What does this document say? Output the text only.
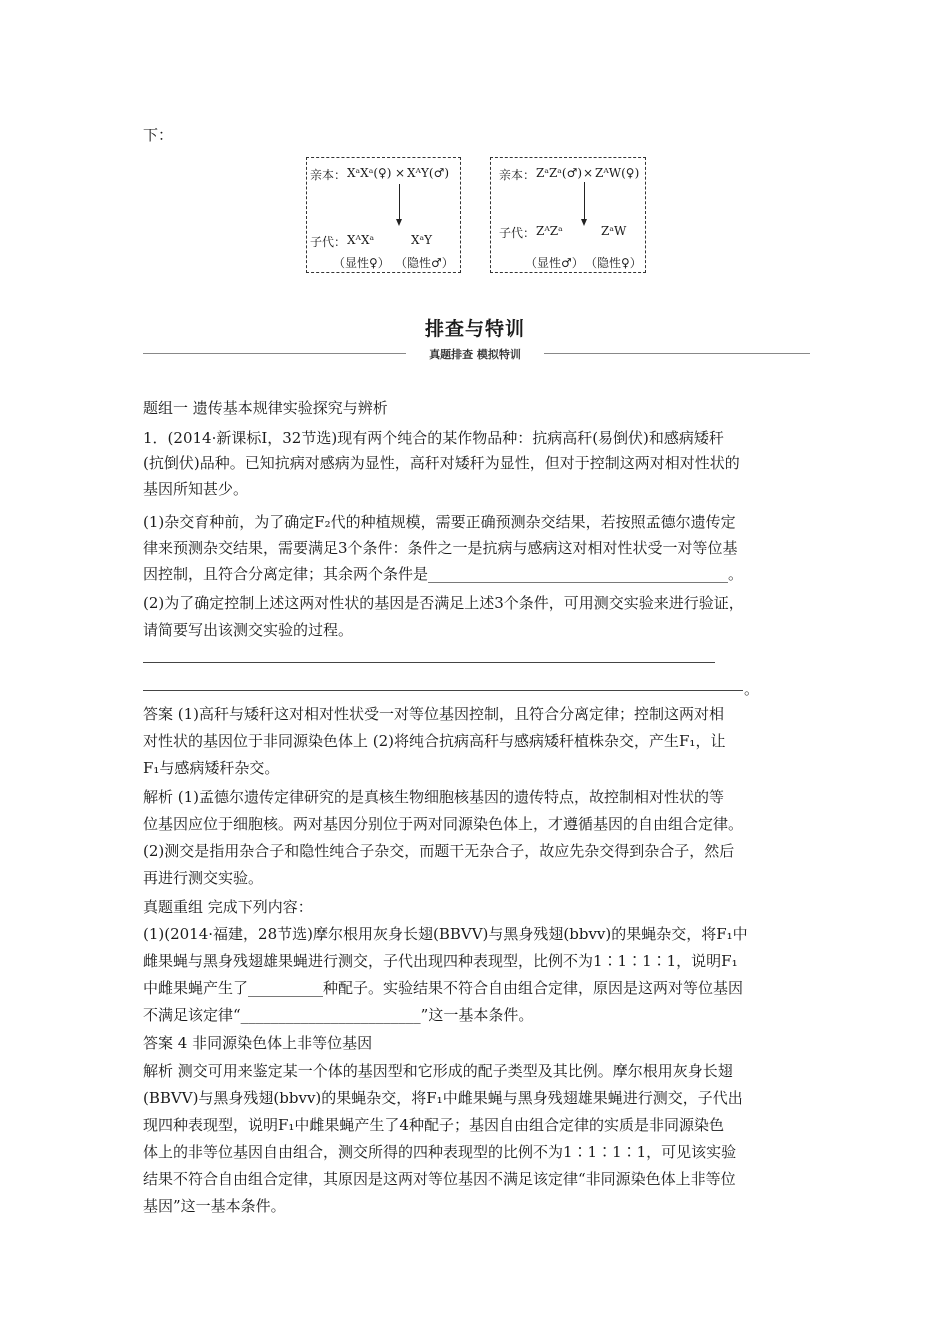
下：
亲本： XᵃXᵃ(♀) × XᴬY(♂)
子代： XᴬXᵃ	XᵃY
（显性♀） （隐性♂）
亲本： ZᵃZᵃ(♂) × ZᴬW(♀)
子代： ZᴬZᵃ	ZᵃW
（显性♂） （隐性♀）
排查与特训
真题排查 模拟特训
题组一 遗传基本规律实验探究与辨析
1．(2014·新课标Ⅰ，32节选)现有两个纯合的某作物品种：抗病高秆(易倒伏)和感病矮秆
(抗倒伏)品种。已知抗病对感病为显性，高秆对矮秆为显性，但对于控制这两对相对性状的
基因所知甚少。
(1)杂交育种前，为了确定F₂代的种植规模，需要正确预测杂交结果，若按照孟德尔遗传定
律来预测杂交结果，需要满足3个条件：条件之一是抗病与感病这对相对性状受一对等位基
因控制，且符合分离定律；其余两个条件是________________________________________。
(2)为了确定控制上述这两对性状的基因是否满足上述3个条件，可用测交实验来进行验证，
请简要写出该测交实验的过程。
。
答案 (1)高秆与矮秆这对相对性状受一对等位基因控制，且符合分离定律；控制这两对相
对性状的基因位于非同源染色体上 (2)将纯合抗病高秆与感病矮秆植株杂交，产生F₁，让
F₁与感病矮秆杂交。
解析 (1)孟德尔遗传定律研究的是真核生物细胞核基因的遗传特点，故控制相对性状的等
位基因应位于细胞核。两对基因分别位于两对同源染色体上，才遵循基因的自由组合定律。
(2)测交是指用杂合子和隐性纯合子杂交，而题干无杂合子，故应先杂交得到杂合子，然后
再进行测交实验。
真题重组 完成下列内容：
(1)(2014·福建，28节选)摩尔根用灰身长翅(BBVV)与黑身残翅(bbvv)的果蝇杂交，将F₁中
雌果蝇与黑身残翅雄果蝇进行测交，子代出现四种表现型，比例不为1∶1∶1∶1，说明F₁
中雌果蝇产生了__________种配子。实验结果不符合自由组合定律，原因是这两对等位基因
不满足该定律“________________________”这一基本条件。
答案 4 非同源染色体上非等位基因
解析 测交可用来鉴定某一个体的基因型和它形成的配子类型及其比例。摩尔根用灰身长翅
(BBVV)与黑身残翅(bbvv)的果蝇杂交，将F₁中雌果蝇与黑身残翅雄果蝇进行测交，子代出
现四种表现型，说明F₁中雌果蝇产生了4种配子；基因自由组合定律的实质是非同源染色
体上的非等位基因自由组合，测交所得的四种表现型的比例不为1∶1∶1∶1，可见该实验
结果不符合自由组合定律，其原因是这两对等位基因不满足该定律“非同源染色体上非等位
基因”这一基本条件。
